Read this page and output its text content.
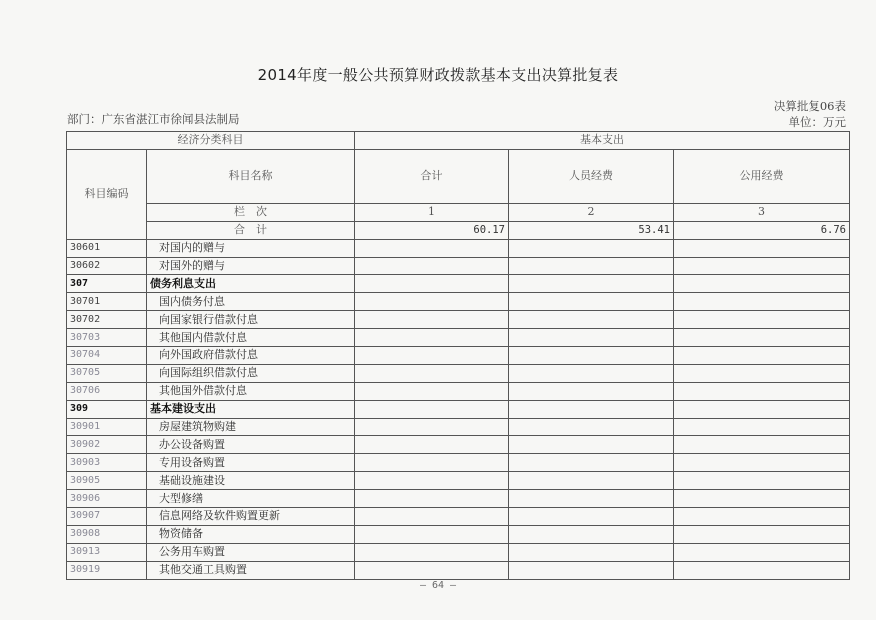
2014年度一般公共预算财政拨款基本支出决算批复表
部门：广东省湛江市徐闻县法制局
决算批复06表
单位：万元
经济分类科目		基本支出		
科目编码	科目名称	合计	人员经费	公用经费
	栏　次	1	2	3
	合　计	60.17	53.41	6.76
30601	对国内的赠与			
30602	对国外的赠与			
307	债务利息支出			
30701	国内债务付息			
30702	向国家银行借款付息			
30703	其他国内借款付息			
30704	向外国政府借款付息			
30705	向国际组织借款付息			
30706	其他国外借款付息			
309	基本建设支出			
30901	房屋建筑物购建			
30902	办公设备购置			
30903	专用设备购置			
30905	基础设施建设			
30906	大型修缮			
30907	信息网络及软件购置更新			
30908	物资储备			
30913	公务用车购置			
30919	其他交通工具购置			
— 64 —
